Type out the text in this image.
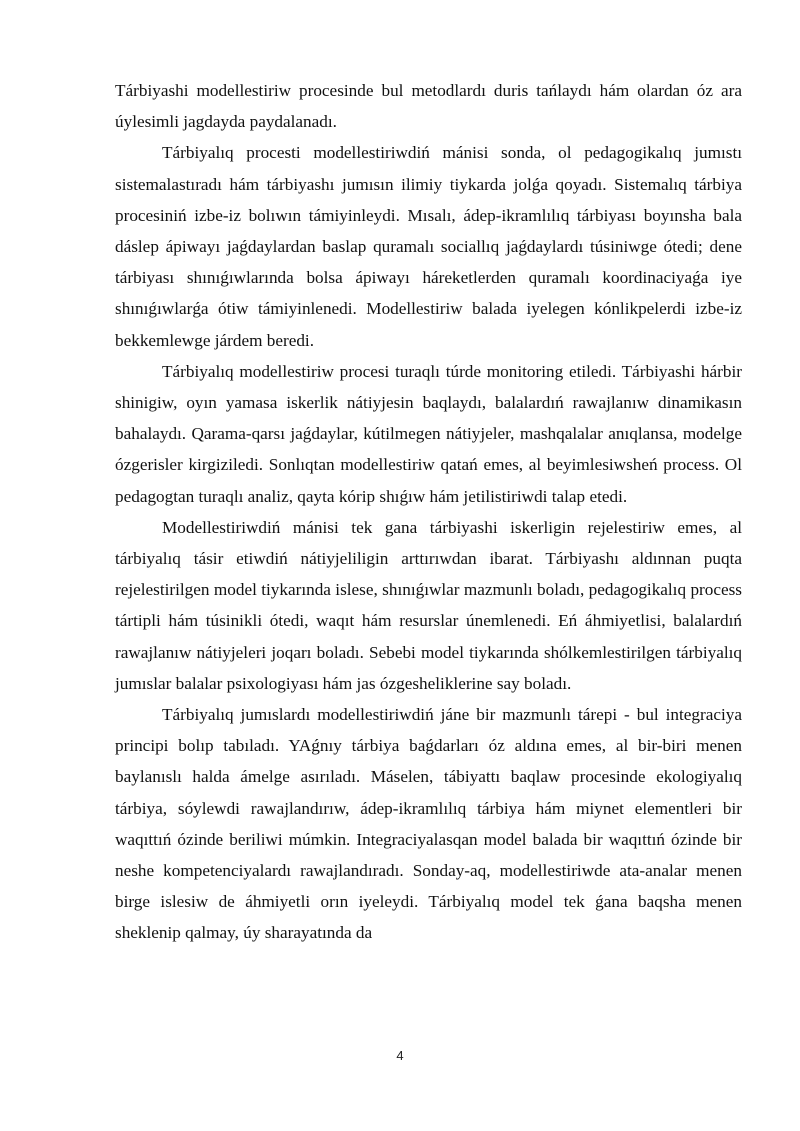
Tárbiyashi modellestiriw procesinde bul metodlardı duris tańlaydı hám olardan óz ara úylesimli jagdayda paydalanadı.

Tárbiyalıq procesti modellestiriwdiń mánisi sonda, ol pedagogikalıq jumıstı sistemalastıradı hám tárbiyashı jumısın ilimiy tiykarda jolǵa qoyadı. Sistemalıq tárbiya procesiniń izbe-iz bolıwın támiyinleydi. Mısalı, ádep-ikramlılıq tárbiyası boyınsha bala dáslep ápiwayı jaǵdaylardan baslap quramalı sociallıq jaǵdaylardı túsiniwge ótedi; dene tárbiyası shınıǵıwlarında bolsa ápiwayı háreketlerden quramalı koordinaciyaǵa iye shınıǵıwlarǵa ótiw támiyinlenedi. Modellestiriw balada iyelegen kónlikpelerdi izbe-iz bekkemlewge járdem beredi.

Tárbiyalıq modellestiriw procesi turaqlı túrde monitoring etiledi. Tárbiyashi hárbir shinigiw, oyın yamasa iskerlik nátiyjesin baqlaydı, balalardıń rawajlanıw dinamikasın bahalaydı. Qarama-qarsı jaǵdaylar, kútilmegen nátiyjeler, mashqalalar anıqlansa, modelge ózgerisler kirgiziledi. Sonlıqtan modellestiriw qatań emes, al beyimlesiwsheń process. Ol pedagogtan turaqlı analiz, qayta kórip shıǵıw hám jetilistiriwdi talap etedi.

Modellestiriwdiń mánisi tek gana tárbiyashi iskerligin rejelestiriw emes, al tárbiyalıq tásir etiwdiń nátiyjeliligin arttırıwdan ibarat. Tárbiyashı aldınnan puqta rejelestirilgen model tiykarında islese, shınıǵıwlar mazmunlı boladı, pedagogikalıq process tártipli hám túsinikli ótedi, waqıt hám resurslar únemlenedi. Eń áhmiyetlisi, balalardıń rawajlanıw nátiyjeleri joqarı boladı. Sebebi model tiykarında shólkemlestirilgen tárbiyalıq jumıslar balalar psixologiyası hám jas ózgesheliklerine say boladı.

Tárbiyalıq jumıslardı modellestiriwdiń jáne bir mazmunlı tárepi - bul integraciya principi bolıp tabıladı. YAǵnıy tárbiya baǵdarları óz aldına emes, al bir-biri menen baylanıslı halda ámelge asırıladı. Máselen, tábiyattı baqlaw procesinde ekologiyalıq tárbiya, sóylewdi rawajlandırıw, ádep-ikramlılıq tárbiya hám miynet elementleri bir waqıttıń ózinde beriliwi múmkin. Integraciyalasqan model balada bir waqıttıń ózinde bir neshe kompetenciyalardı rawajlandıradı. Sonday-aq, modellestiriwde ata-analar menen birge islesiw de áhmiyetli orın iyeleydi. Tárbiyalıq model tek ǵana baqsha menen sheklenip qalmay, úy sharayatında da

4
